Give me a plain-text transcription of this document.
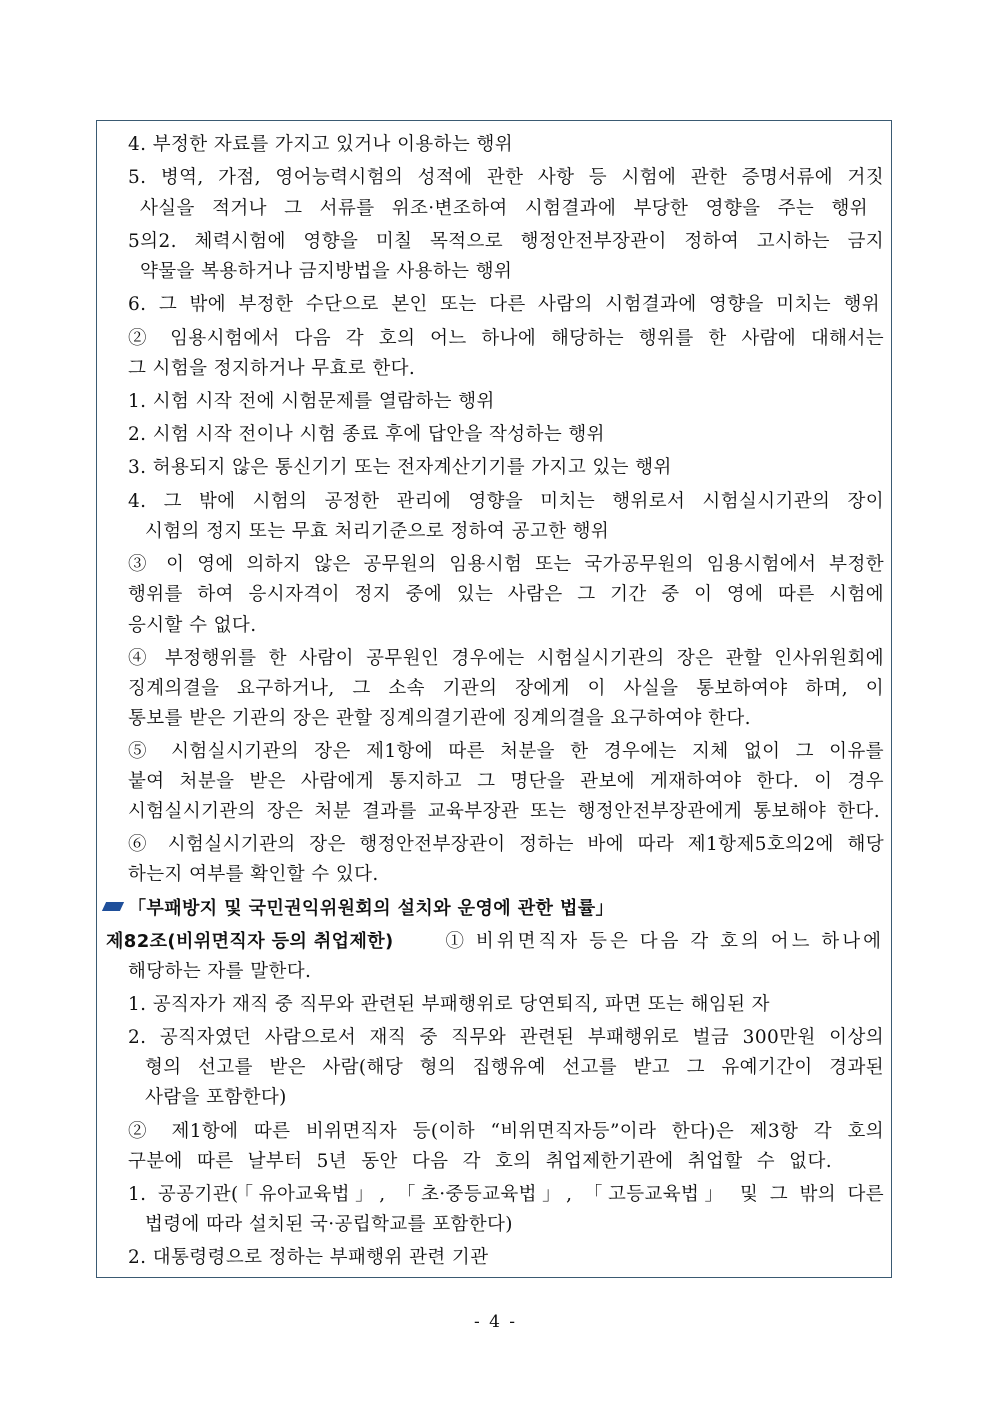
4. 부정한 자료를 가지고 있거나 이용하는 행위
5. 병역, 가점, 영어능력시험의 성적에 관한 사항 등 시험에 관한 증명서류에 거짓
사실을 적거나 그 서류를 위조·변조하여 시험결과에 부당한 영향을 주는 행위
5의2. 체력시험에 영향을 미칠 목적으로 행정안전부장관이 정하여 고시하는 금지
약물을 복용하거나 금지방법을 사용하는 행위
6. 그 밖에 부정한 수단으로 본인 또는 다른 사람의 시험결과에 영향을 미치는 행위
② 임용시험에서 다음 각 호의 어느 하나에 해당하는 행위를 한 사람에 대해서는
그 시험을 정지하거나 무효로 한다.
1. 시험 시작 전에 시험문제를 열람하는 행위
2. 시험 시작 전이나 시험 종료 후에 답안을 작성하는 행위
3. 허용되지 않은 통신기기 또는 전자계산기기를 가지고 있는 행위
4. 그 밖에 시험의 공정한 관리에 영향을 미치는 행위로서 시험실시기관의 장이
시험의 정지 또는 무효 처리기준으로 정하여 공고한 행위
③ 이 영에 의하지 않은 공무원의 임용시험 또는 국가공무원의 임용시험에서 부정한
행위를 하여 응시자격이 정지 중에 있는 사람은 그 기간 중 이 영에 따른 시험에
응시할 수 없다.
④ 부정행위를 한 사람이 공무원인 경우에는 시험실시기관의 장은 관할 인사위원회에
징계의결을 요구하거나, 그 소속 기관의 장에게 이 사실을 통보하여야 하며, 이
통보를 받은 기관의 장은 관할 징계의결기관에 징계의결을 요구하여야 한다.
⑤ 시험실시기관의 장은 제1항에 따른 처분을 한 경우에는 지체 없이 그 이유를
붙여 처분을 받은 사람에게 통지하고 그 명단을 관보에 게재하여야 한다. 이 경우
시험실시기관의 장은 처분 결과를 교육부장관 또는 행정안전부장관에게 통보해야 한다.
⑥ 시험실시기관의 장은 행정안전부장관이 정하는 바에 따라 제1항제5호의2에 해당
하는지 여부를 확인할 수 있다.
「부패방지 및 국민권익위원회의 설치와 운영에 관한 법률」
제82조(비위면직자 등의 취업제한)	① 비위면직자 등은 다음 각 호의 어느 하나에
해당하는 자를 말한다.
1. 공직자가 재직 중 직무와 관련된 부패행위로 당연퇴직, 파면 또는 해임된 자
2. 공직자였던 사람으로서 재직 중 직무와 관련된 부패행위로 벌금 300만원 이상의
형의 선고를 받은 사람(해당 형의 집행유예 선고를 받고 그 유예기간이 경과된
사람을 포함한다)
② 제1항에 따른 비위면직자 등(이하 “비위면직자등”이라 한다)은 제3항 각 호의
구분에 따른 날부터 5년 동안 다음 각 호의 취업제한기관에 취업할 수 없다.
1. 공공기관(「유아교육법」, 「초·중등교육법」, 「고등교육법」 및 그 밖의 다른
법령에 따라 설치된 국·공립학교를 포함한다)
2. 대통령령으로 정하는 부패행위 관련 기관
- 4 -
